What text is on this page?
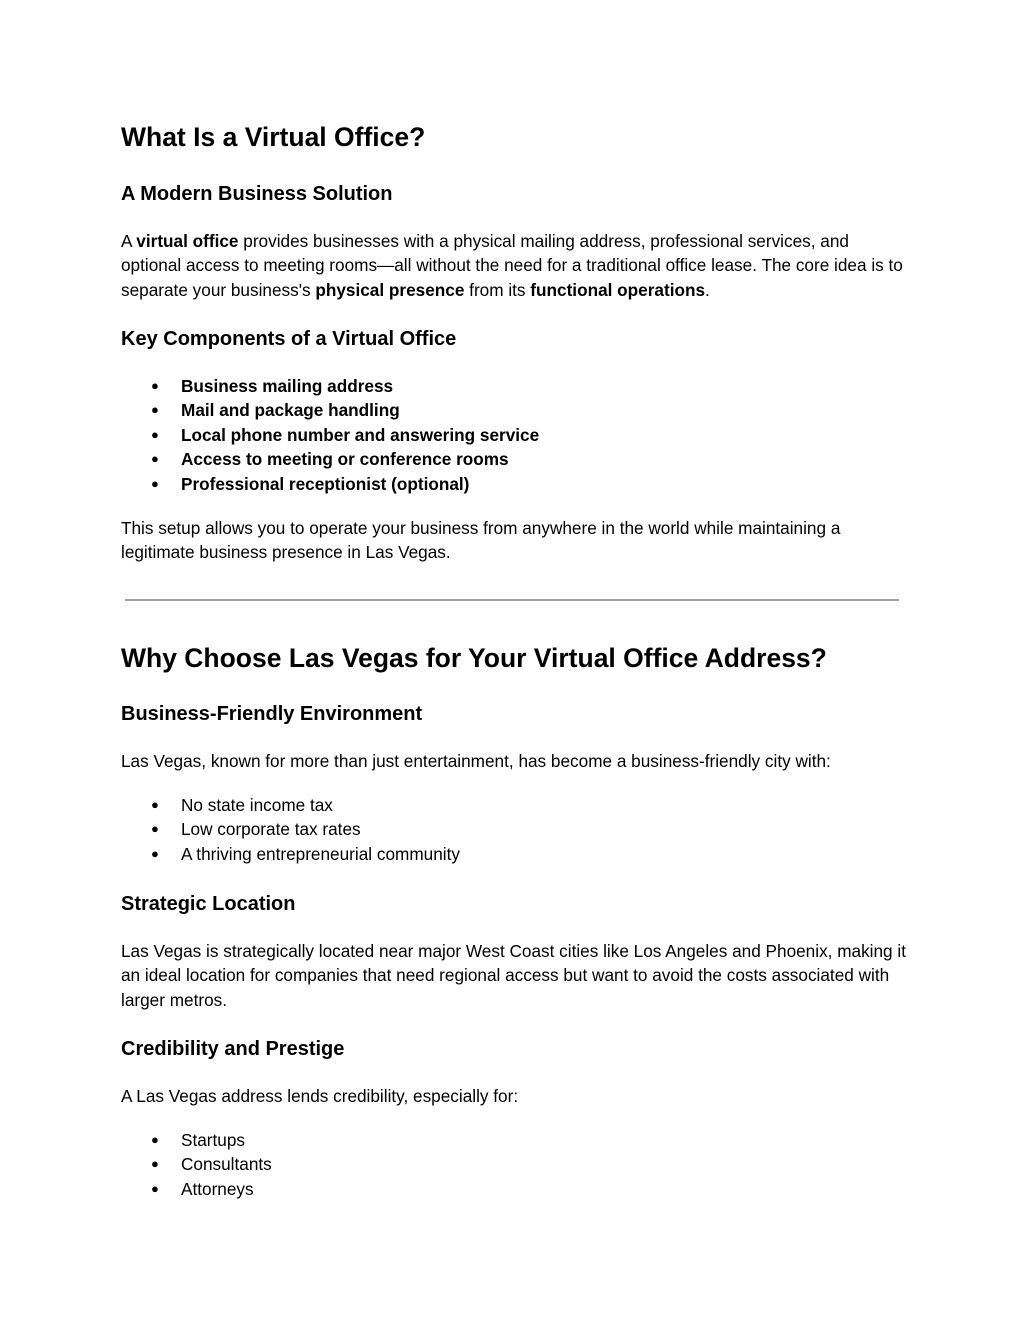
What Is a Virtual Office?
A Modern Business Solution

A virtual office provides businesses with a physical mailing address, professional services, and optional access to meeting rooms—all without the need for a traditional office lease. The core idea is to separate your business's physical presence from its functional operations.

Key Components of a Virtual Office
● Business mailing address
● Mail and package handling
● Local phone number and answering service
● Access to meeting or conference rooms
● Professional receptionist (optional)

This setup allows you to operate your business from anywhere in the world while maintaining a legitimate business presence in Las Vegas.

Why Choose Las Vegas for Your Virtual Office Address?
Business-Friendly Environment

Las Vegas, known for more than just entertainment, has become a business-friendly city with:

● No state income tax
● Low corporate tax rates
● A thriving entrepreneurial community
Strategic Location

Las Vegas is strategically located near major West Coast cities like Los Angeles and Phoenix, making it an ideal location for companies that need regional access but want to avoid the costs associated with larger metros.

Credibility and Prestige

A Las Vegas address lends credibility, especially for:

● Startups
● Consultants
● Attorneys
